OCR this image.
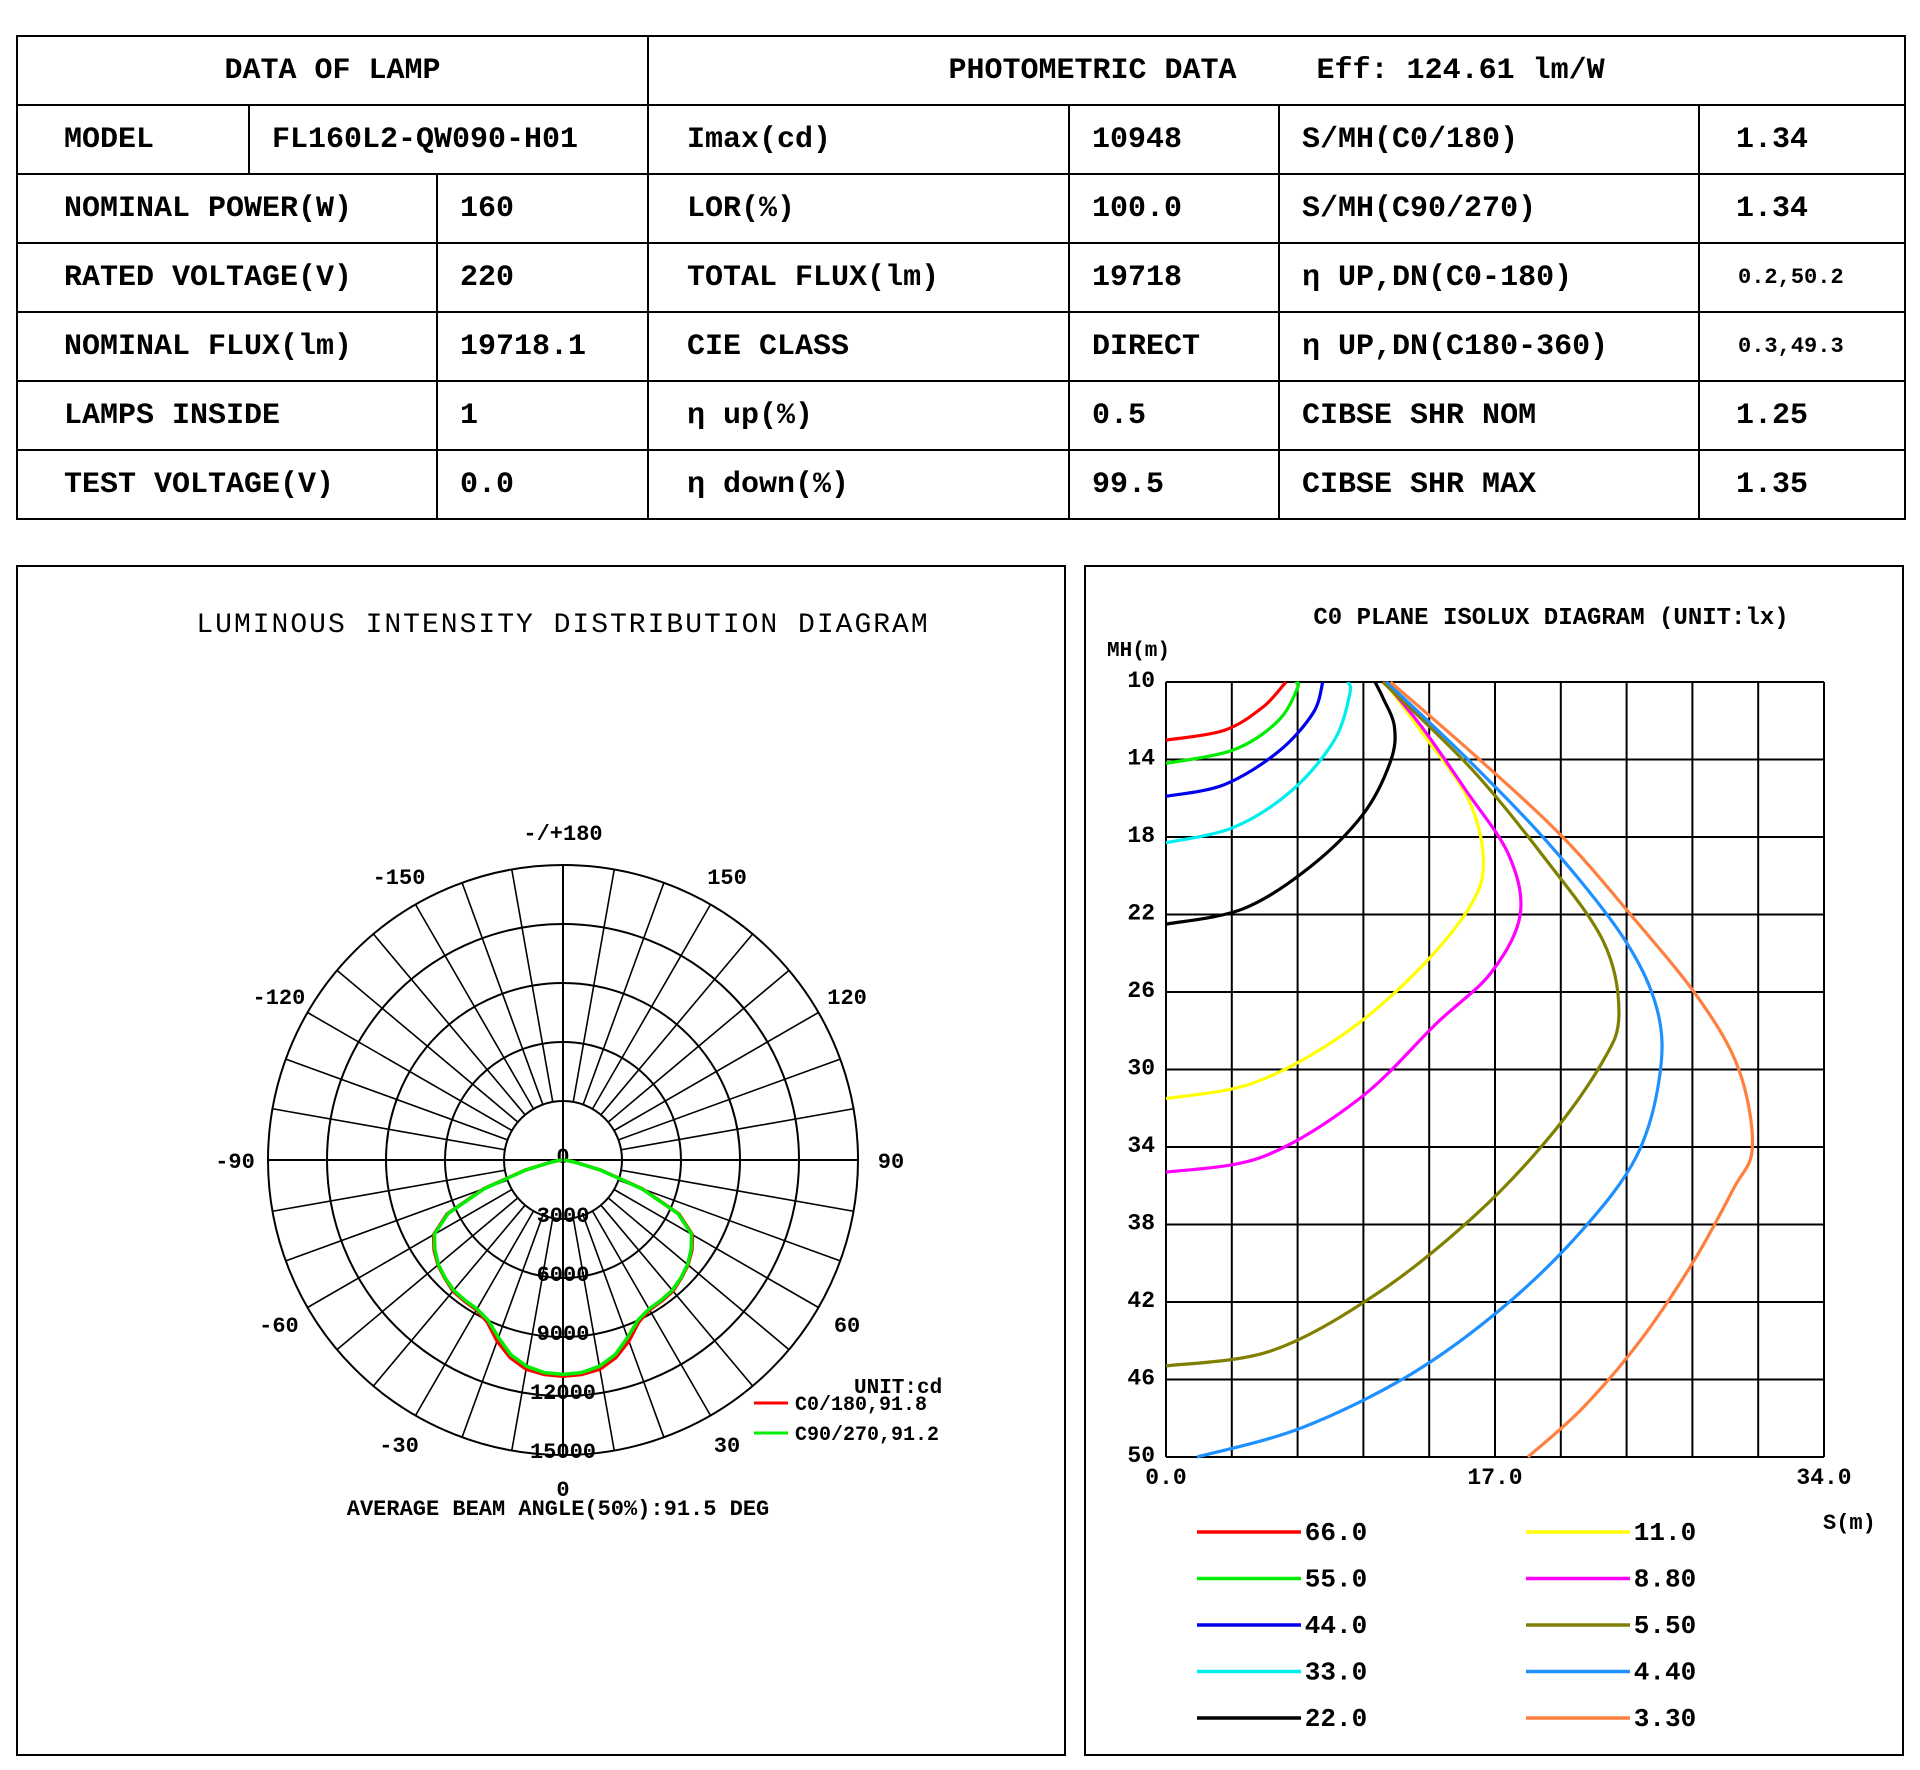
DATA OF LAMP			PHOTOMETRIC DATA Eff: 124.61 lm/W			
MODEL	FL160L2-QW090-H01		Imax(cd)	10948	S/MH(C0/180)	1.34
NOMINAL POWER(W)		160	LOR(%)	100.0	S/MH(C90/270)	1.34
RATED VOLTAGE(V)		220	TOTAL FLUX(lm)	19718	η UP,DN(C0-180)	0.2,50.2
NOMINAL FLUX(lm)		19718.1	CIE CLASS	DIRECT	η UP,DN(C180-360)	0.3,49.3
LAMPS INSIDE		1	η up(%)	0.5	CIBSE SHR NOM	1.25
TEST VOLTAGE(V)		0.0	η down(%)	99.5	CIBSE SHR MAX	1.35
LUMINOUS INTENSITY DISTRIBUTION DIAGRAM
0
30
60
90
120
150
-/+180
-150
-120
-90
-60
-30
0
3000
6000
9000
12000
15000
UNIT:cd
C0/180,91.8
C90/270,91.2
AVERAGE BEAM ANGLE(50%):91.5 DEG
C0 PLANE ISOLUX DIAGRAM (UNIT:lx)
MH(m)
S(m)
10
14
18
22
26
30
34
38
42
46
50
0.0	17.0	34.0
66.0
55.0
44.0
33.0
22.0
11.0
8.80
5.50
4.40
3.30
